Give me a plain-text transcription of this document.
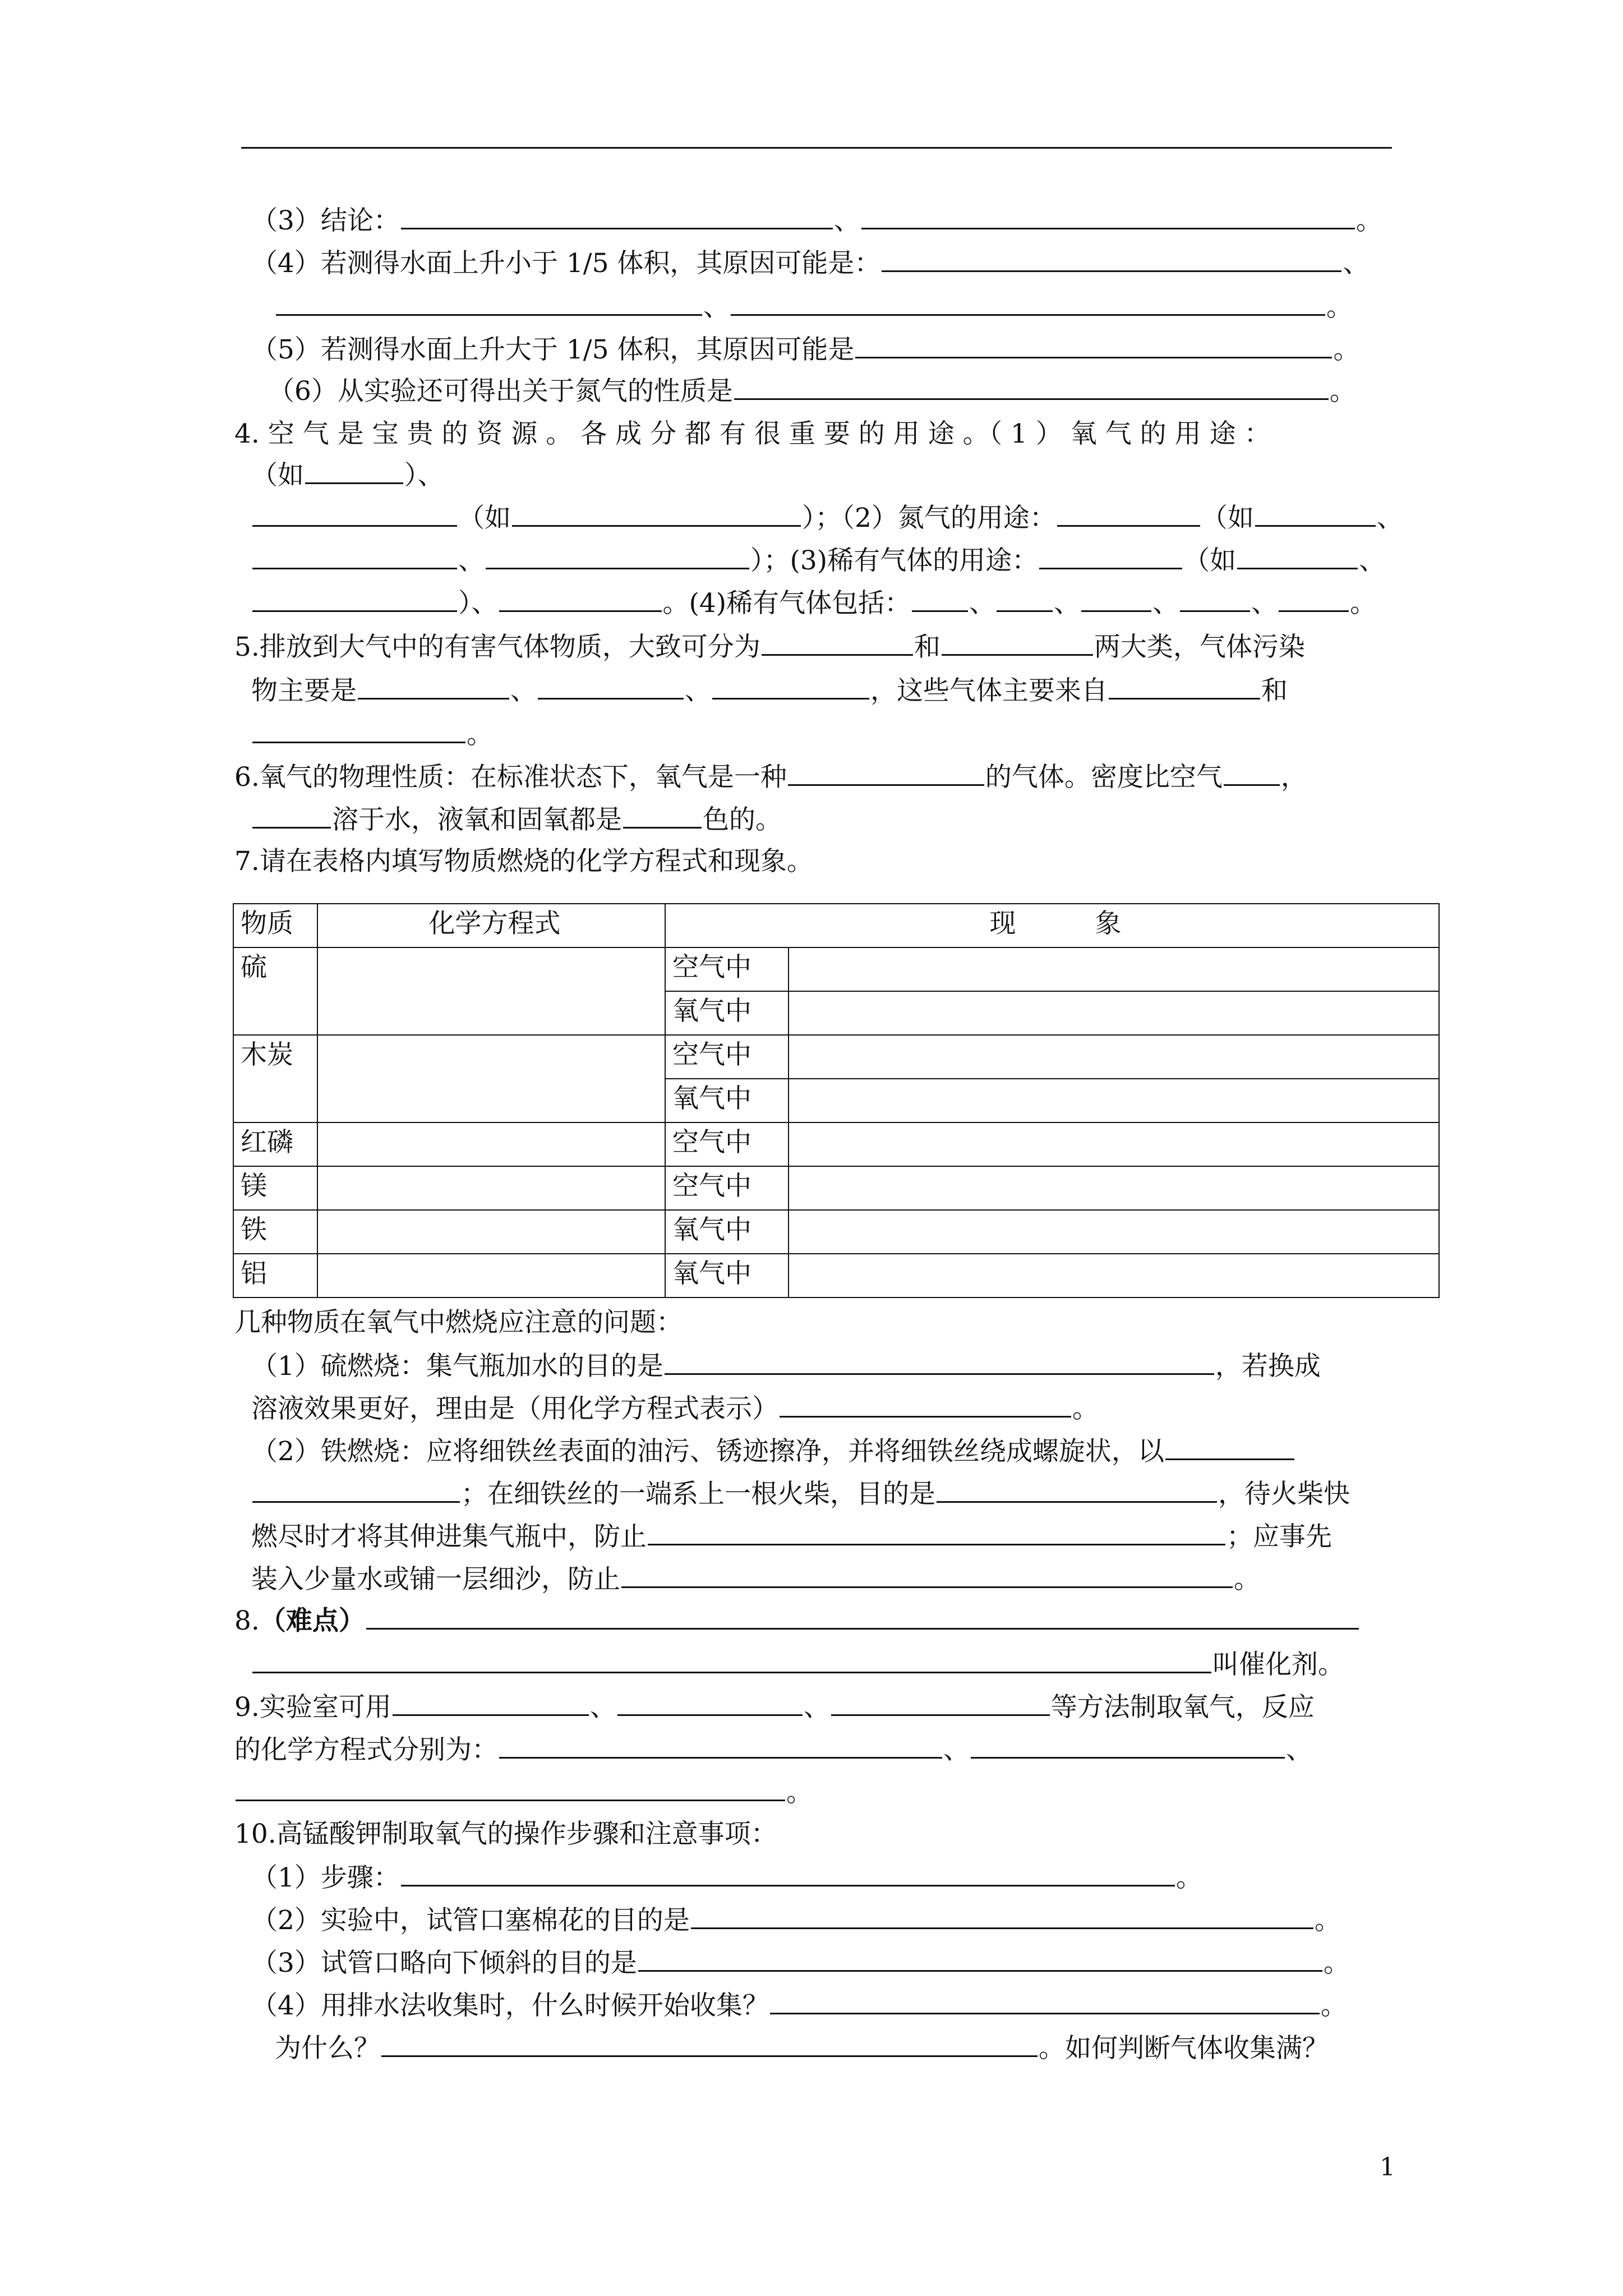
（3）结论：	、	。
（4）若测得水面上升小于 1/5 体积，其原因可能是：	、
、	。
（5）若测得水面上升大于 1/5 体积，其原因可能是	。
（6）从实验还可得出关于氮气的性质是	。
4. 空 气 是 宝 贵 的 资 源 。 各 成 分 都 有 很 重 要 的 用 途 。（ 1 ） 氧 气 的 用 途 ：
（如	）、
（如	）；（2）氮气的用途：	（如	、
、	）；(3)稀有气体的用途：	（如	、
）、	。(4)稀有气体包括： 、 、	、	、	。
5.排放到大气中的有害气体物质，大致可分为	和	两大类，气体污染
物主要是	、	、	，这些气体主要来自	和
。
6.氧气的物理性质：在标准状态下，氧气是一种	的气体。密度比空气 ，
溶于水，液氧和固氧都是	色的。
7.请在表格内填写物质燃烧的化学方程式和现象。
物质	化学方程式	现　　　象	
硫		空气中	
		氧气中	
木炭		空气中	
		氧气中	
红磷		空气中	
镁		空气中	
铁		氧气中	
铝		氧气中	
几种物质在氧气中燃烧应注意的问题：
（1）硫燃烧：集气瓶加水的目的是	，若换成
溶液效果更好，理由是（用化学方程式表示）	。
（2）铁燃烧：应将细铁丝表面的油污、锈迹擦净，并将细铁丝绕成螺旋状，以
；在细铁丝的一端系上一根火柴，目的是	，待火柴快
燃尽时才将其伸进集气瓶中，防止	；应事先
装入少量水或铺一层细沙，防止	。
8.（难点）
叫催化剂。
9.实验室可用	、	、	等方法制取氧气，反应
的化学方程式分别为：	、	、
。
10.高锰酸钾制取氧气的操作步骤和注意事项：
（1）步骤：	。
（2）实验中，试管口塞棉花的目的是	。
（3）试管口略向下倾斜的目的是	。
（4）用排水法收集时，什么时候开始收集？	。
为什么？	。如何判断气体收集满？
1
